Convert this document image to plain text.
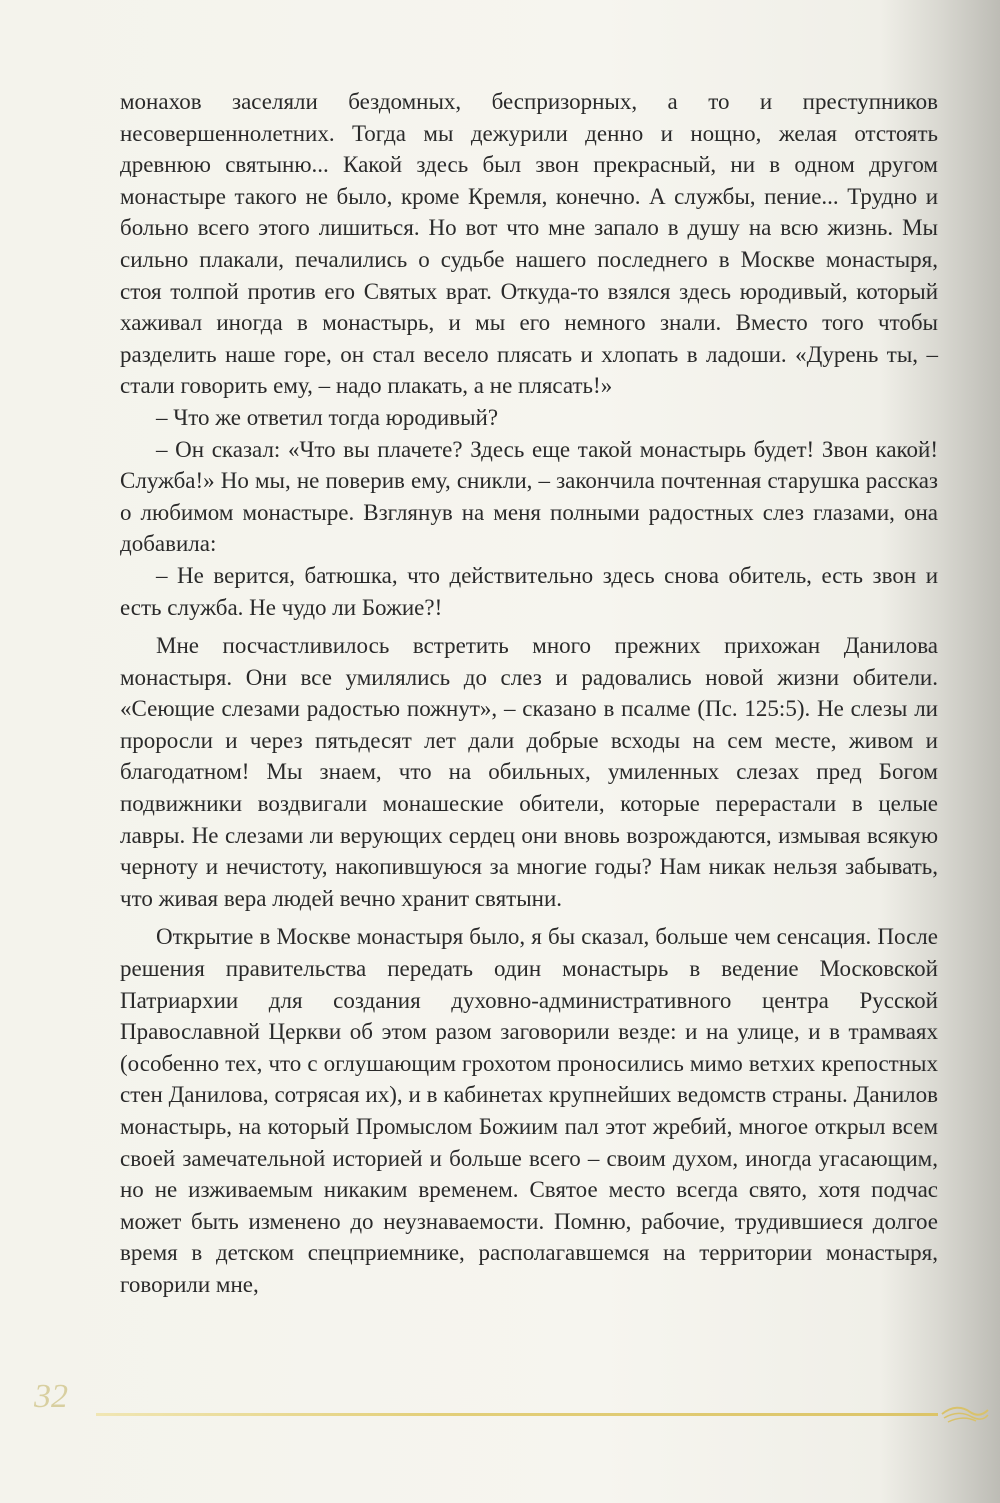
монахов заселяли бездомных, беспризорных, а то и преступников несовершеннолетних. Тогда мы дежурили денно и нощно, желая отстоять древнюю святыню... Какой здесь был звон прекрасный, ни в одном другом монастыре такого не было, кроме Кремля, конечно. А службы, пение... Трудно и больно всего этого лишиться. Но вот что мне запало в душу на всю жизнь. Мы сильно плакали, печалились о судьбе нашего последнего в Москве монастыря, стоя толпой против его Святых врат. Откуда-то взялся здесь юродивый, который хаживал иногда в монастырь, и мы его немного знали. Вместо того чтобы разделить наше горе, он стал весело плясать и хлопать в ладоши. «Дурень ты, – стали говорить ему, – надо плакать, а не плясать!»

– Что же ответил тогда юродивый?

– Он сказал: «Что вы плачете? Здесь еще такой монастырь будет! Звон какой! Служба!» Но мы, не поверив ему, сникли, – закончила почтенная старушка рассказ о любимом монастыре. Взглянув на меня полными радостных слез глазами, она добавила:

– Не верится, батюшка, что действительно здесь снова обитель, есть звон и есть служба. Не чудо ли Божие?!

Мне посчастливилось встретить много прежних прихожан Данилова монастыря. Они все умилялись до слез и радовались новой жизни обители. «Сеющие слезами радостью пожнут», – сказано в псалме (Пс. 125:5). Не слезы ли проросли и через пятьдесят лет дали добрые всходы на сем месте, живом и благодатном! Мы знаем, что на обильных, умиленных слезах пред Богом подвижники воздвигали монашеские обители, которые перерастали в целые лавры. Не слезами ли верующих сердец они вновь возрождаются, измывая всякую черноту и нечистоту, накопившуюся за многие годы? Нам никак нельзя забывать, что живая вера людей вечно хранит святыни.

Открытие в Москве монастыря было, я бы сказал, больше чем сенсация. После решения правительства передать один монастырь в ведение Московской Патриархии для создания духовно-административного центра Русской Православной Церкви об этом разом заговорили везде: и на улице, и в трамваях (особенно тех, что с оглушающим грохотом проносились мимо ветхих крепостных стен Данилова, сотрясая их), и в кабинетах крупнейших ведомств страны. Данилов монастырь, на который Промыслом Божиим пал этот жребий, многое открыл всем своей замечательной историей и больше всего – своим духом, иногда угасающим, но не изживаемым никаким временем. Святое место всегда свято, хотя подчас может быть изменено до неузнаваемости. Помню, рабочие, трудившиеся долгое время в детском спецприемнике, располагавшемся на территории монастыря, говорили мне,

32
